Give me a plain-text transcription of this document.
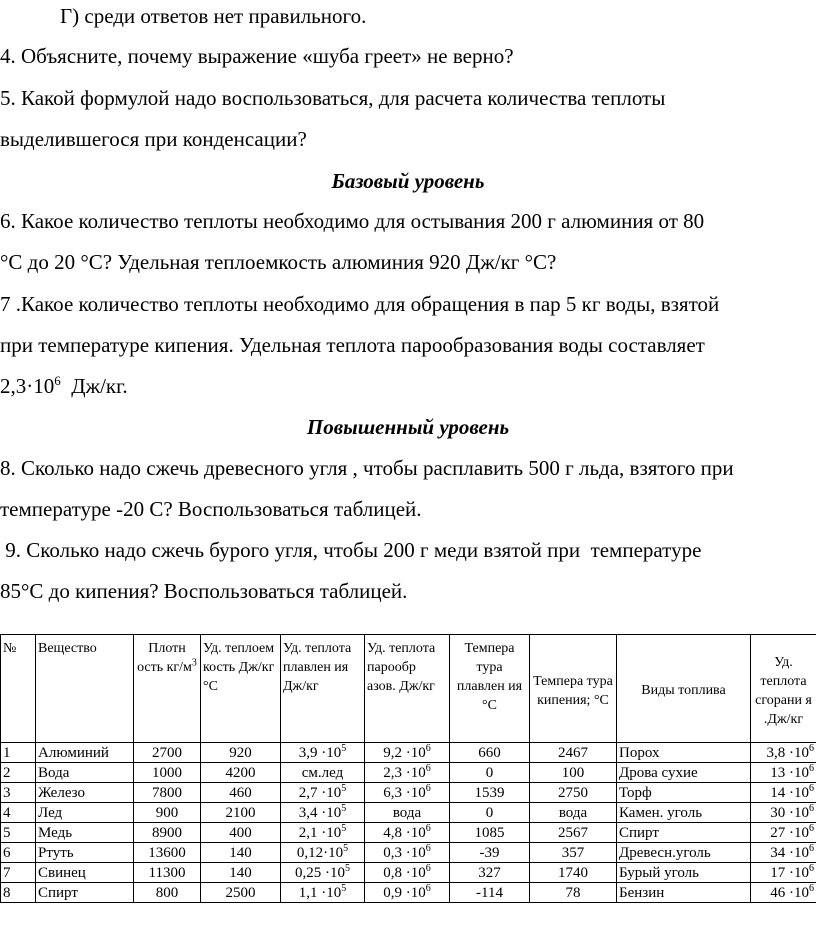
Г) среди ответов нет правильного.
4. Объясните, почему выражение «шуба греет» не верно?
5. Какой формулой надо воспользоваться, для расчета количества теплоты
выделившегося при конденсации?
Базовый уровень
6. Какое количество теплоты необходимо для остывания 200 г алюминия от 80
°С до 20 °С? Удельная теплоемкость алюминия 920 Дж/кг °С?
7 .Какое количество теплоты необходимо для обращения в пар 5 кг воды, взятой
при температуре кипения. Удельная теплота парообразования воды составляет
$2,3\cdot 10^6$  Дж/кг.
Повышенный уровень
8. Сколько надо сжечь древесного угля , чтобы расплавить 500 г льда, взятого при
температуре -20 С? Воспользоваться таблицей.
9. Сколько надо сжечь бурого угля, чтобы 200 г меди взятой при  температуре
85°С до кипения? Воспользоваться таблицей.
№	Вещество	Плотн ость $кг/м^3$	Уд. теплоем кость Дж/кг °С	Уд. теплота плавлен ия Дж/кг	Уд. теплота парообр азов. Дж/кг	Темпера тура плавлен ия °С	Темпера тура кипения; °С	Виды топлива	Уд. теплота сгорани я .Дж/кг
1	Алюминий	2700	920	$3,9 \cdot 10^5$	$9,2 \cdot 10^6$	660	2467	Порох	$3,8 \cdot 10^6$
2	Вода	1000	4200	см.лед	$2,3 \cdot 10^6$	0	100	Дрова сухие	$13 \cdot 10^6$
3	Железо	7800	460	$2,7 \cdot 10^5$	$6,3 \cdot 10^6$	1539	2750	Торф	$14 \cdot 10^6$
4	Лед	900	2100	$3,4 \cdot 10^5$	вода	0	вода	Камен. уголь	$30 \cdot 10^6$
5	Медь	8900	400	$2,1 \cdot 10^5$	$4,8 \cdot 10^6$	1085	2567	Спирт	$27 \cdot 10^6$
6	Ртуть	13600	140	$0,12\cdot 10^5$	$0,3 \cdot 10^6$	-39	357	Древесн.уголь	$34 \cdot 10^6$
7	Свинец	11300	140	$0,25 \cdot 10^5$	$0,8 \cdot 10^6$	327	1740	Бурый уголь	$17 \cdot 10^6$
8	Спирт	800	2500	$1,1 \cdot 10^5$	$0,9 \cdot 10^6$	-114	78	Бензин	$46 \cdot 10^6$
